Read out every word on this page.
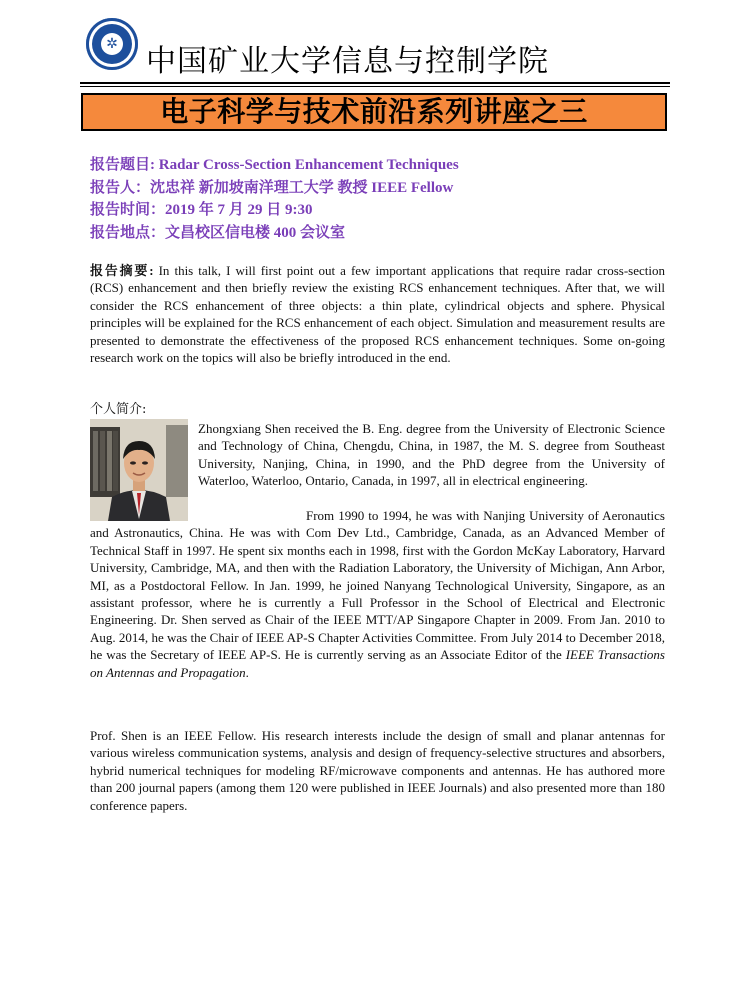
✲ 中国矿业大学信息与控制学院
电子科学与技术前沿系列讲座之三
报告题目: Radar Cross-Section Enhancement Techniques
报告人：沈忠祥 新加坡南洋理工大学 教授 IEEE Fellow
报告时间：2019 年 7 月 29 日 9:30
报告地点：文昌校区信电楼 400 会议室
报告摘要: In this talk, I will first point out a few important applications that require radar cross-section (RCS) enhancement and then briefly review the existing RCS enhancement techniques. After that, we will consider the RCS enhancement of three objects: a thin plate, cylindrical objects and sphere. Physical principles will be explained for the RCS enhancement of each object. Simulation and measurement results are presented to demonstrate the effectiveness of the proposed RCS enhancement techniques. Some on-going research work on the topics will also be briefly introduced in the end.
个人简介:

Zhongxiang Shen received the B. Eng. degree from the University of Electronic Science and Technology of China, Chengdu, China, in 1987, the M. S. degree from Southeast University, Nanjing, China, in 1990, and the PhD degree from the University of Waterloo, Waterloo, Ontario, Canada, in 1997, all in electrical engineering.

From 1990 to 1994, he was with Nanjing University of Aeronautics and Astronautics, China. He was with Com Dev Ltd., Cambridge, Canada, as an Advanced Member of Technical Staff in 1997. He spent six months each in 1998, first with the Gordon McKay Laboratory, Harvard University, Cambridge, MA, and then with the Radiation Laboratory, the University of Michigan, Ann Arbor, MI, as a Postdoctoral Fellow. In Jan. 1999, he joined Nanyang Technological University, Singapore, as an assistant professor, where he is currently a Full Professor in the School of Electrical and Electronic Engineering. Dr. Shen served as Chair of the IEEE MTT/AP Singapore Chapter in 2009. From Jan. 2010 to Aug. 2014, he was the Chair of IEEE AP-S Chapter Activities Committee. From July 2014 to December 2018, he was the Secretary of IEEE AP-S. He is currently serving as an Associate Editor of the IEEE Transactions on Antennas and Propagation.

Prof. Shen is an IEEE Fellow. His research interests include the design of small and planar antennas for various wireless communication systems, analysis and design of frequency-selective structures and absorbers, hybrid numerical techniques for modeling RF/microwave components and antennas. He has authored more than 200 journal papers (among them 120 were published in IEEE Journals) and also presented more than 180 conference papers.
